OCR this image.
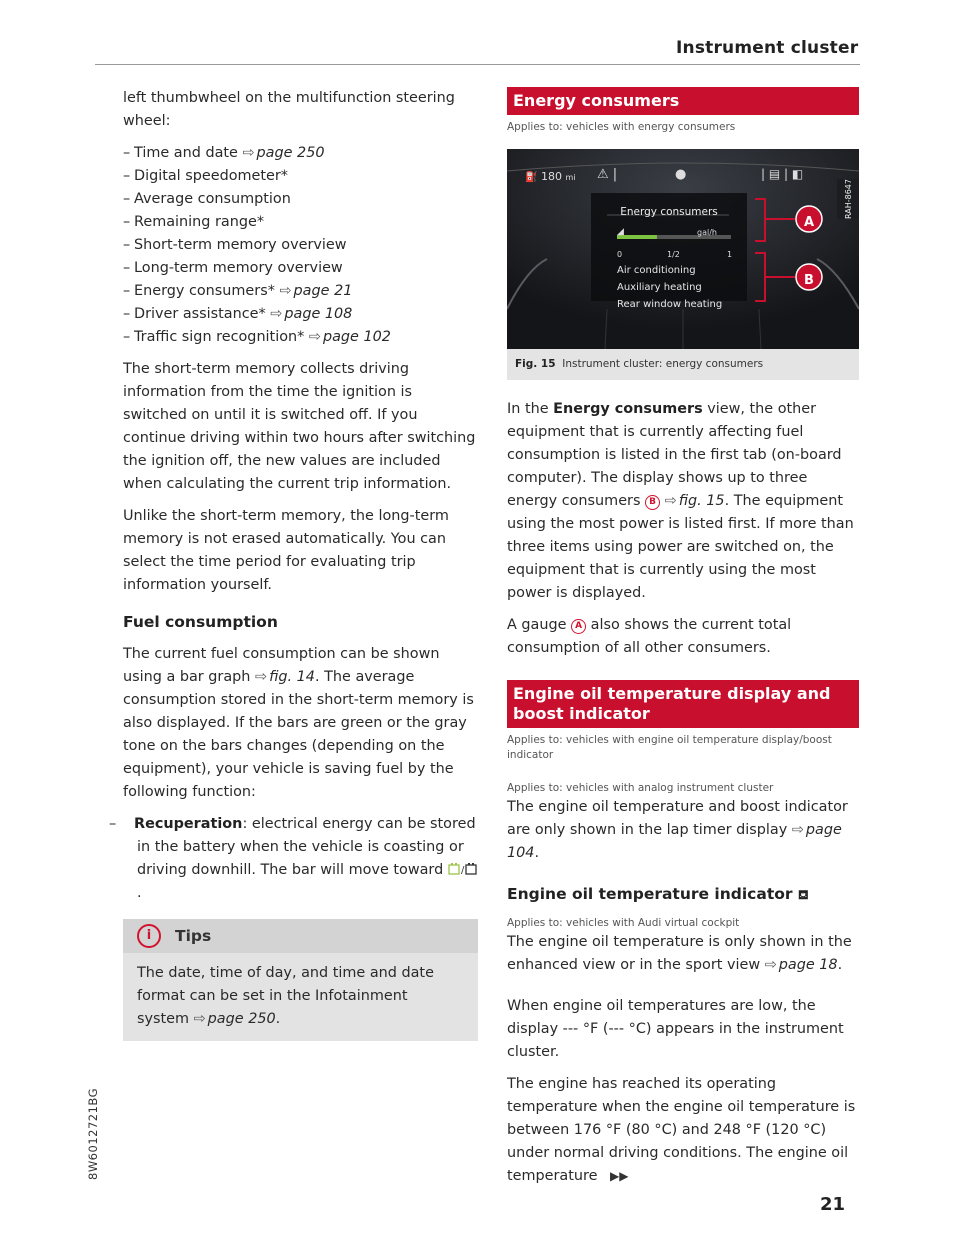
Instrument cluster

left thumbwheel on the multifunction steering wheel:

– Time and date ⇨ page 250
– Digital speedometer*
– Average consumption
– Remaining range*
– Short-term memory overview
– Long-term memory overview
– Energy consumers* ⇨ page 21
– Driver assistance* ⇨ page 108
– Traffic sign recognition* ⇨ page 102

The short-term memory collects driving information from the time the ignition is switched on until it is switched off. If you continue driving within two hours after switching the ignition off, the new values are included when calculating the current trip information.

Unlike the short-term memory, the long-term memory is not erased automatically. You can select the time period for evaluating trip information yourself.

Fuel consumption

The current fuel consumption can be shown using a bar graph ⇨ fig. 14. The average consumption stored in the short-term memory is also displayed. If the bars are green or the gray tone on the bars changes (depending on the equipment), your vehicle is saving fuel by the following function:

– Recuperation: electrical energy can be stored in the battery when the vehicle is coasting or driving downhill. The bar will move toward /
.
i	Tips
The date, time of day, and time and date format can be set in the Infotainment system ⇨ page 250.
Energy consumers
Applies to: vehicles with energy consumers
⛽ 180 mi ⚠ |	●	| ▤ | ◧
Energy consumers
◢	gal/h
0	1/2	1
Air conditioning
Auxiliary heating
Rear window heating
A
B
RAH-8647
Fig. 15 Instrument cluster: energy consumers

In the Energy consumers view, the other equipment that is currently affecting fuel consumption is listed in the first tab (on-board computer). The display shows up to three energy consumers B ⇨ fig. 15. The equipment using the most power is listed first. If more than three items using power are switched on, the equipment that is currently using the most power is displayed.

A gauge A also shows the current total consumption of all other consumers.

Engine oil temperature display and boost indicator
Applies to: vehicles with engine oil temperature display/boost indicator
Applies to: vehicles with analog instrument cluster

The engine oil temperature and boost indicator are only shown in the lap timer display ⇨ page 104.

Engine oil temperature indicator ⛾
Applies to: vehicles with Audi virtual cockpit

The engine oil temperature is only shown in the enhanced view or in the sport view ⇨ page 18.

When engine oil temperatures are low, the display --- °F (--- °C) appears in the instrument cluster.

The engine has reached its operating temperature when the engine oil temperature is between 176 °F (80 °C) and 248 °F (120 °C) under normal driving conditions. The engine oil temperature ▶▶

8W6012721BG
21
